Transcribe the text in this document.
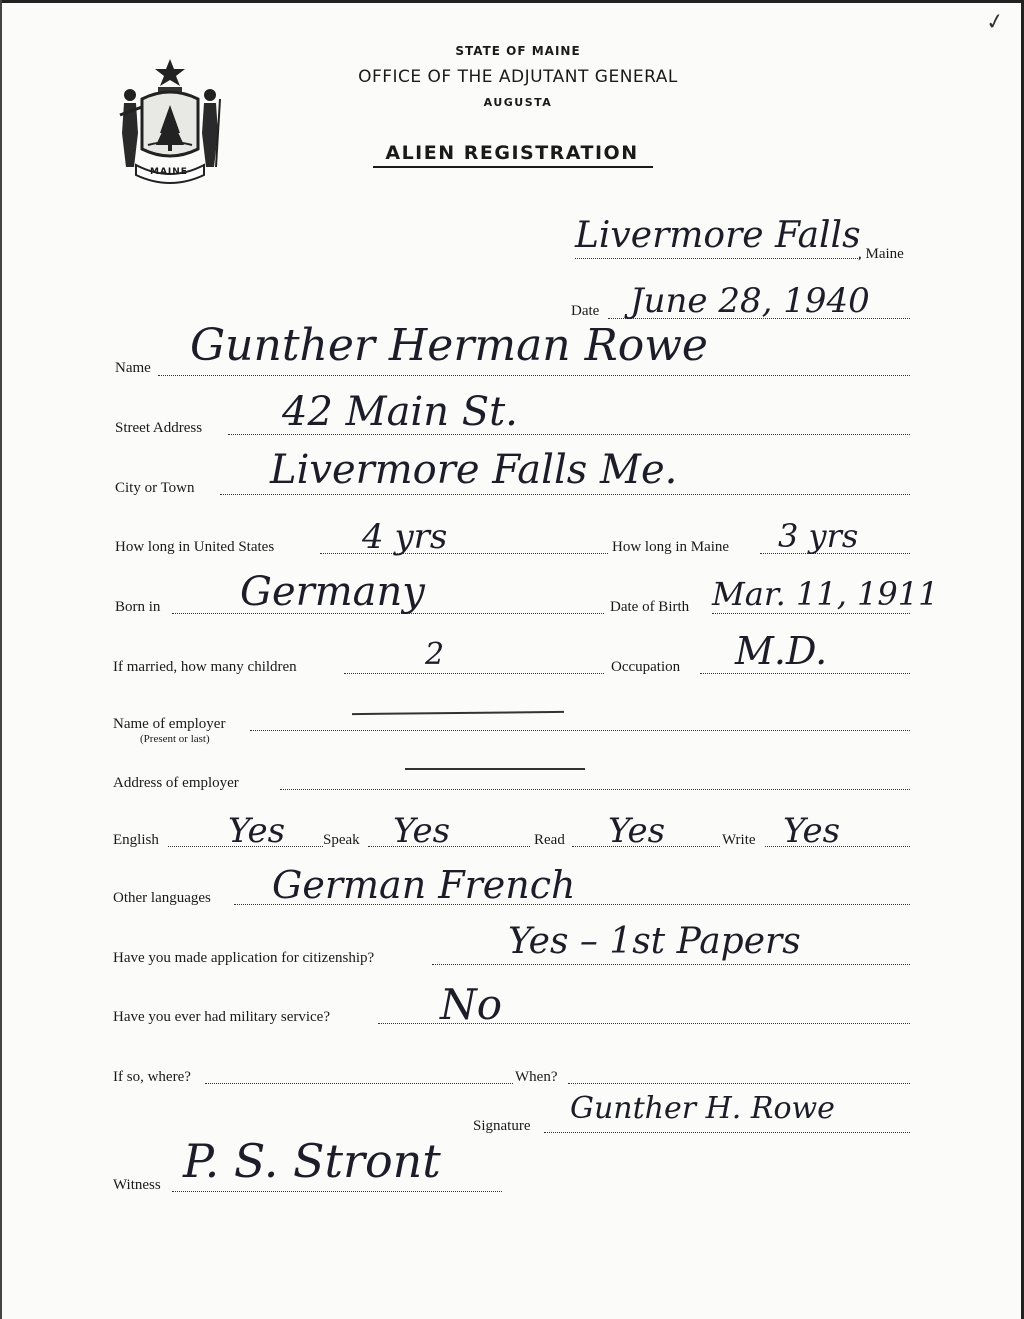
✓
MAINE
STATE OF MAINE
OFFICE OF THE ADJUTANT GENERAL
AUGUSTA
ALIEN REGISTRATION
Livermore Falls
, Maine
Date June 28, 1940
Name Gunther Herman Rowe
Street Address 42 Main St.
City or Town Livermore Falls Me.
How long in United States	4 yrs	How long in Maine 3 yrs
Born in Germany	Date of Birth Mar. 11, 1911
If married, how many children	2	Occupation M.D.
Name of employer
(Present or last)
Address of employer
English Yes	Speak Yes	Read Yes	Write Yes
Other languages German French
Have you made application for citizenship?	Yes – 1st Papers
Have you ever had military service?	No
If so, where?	When?
Signature Gunther H. Rowe
Witness P. S. Stront
